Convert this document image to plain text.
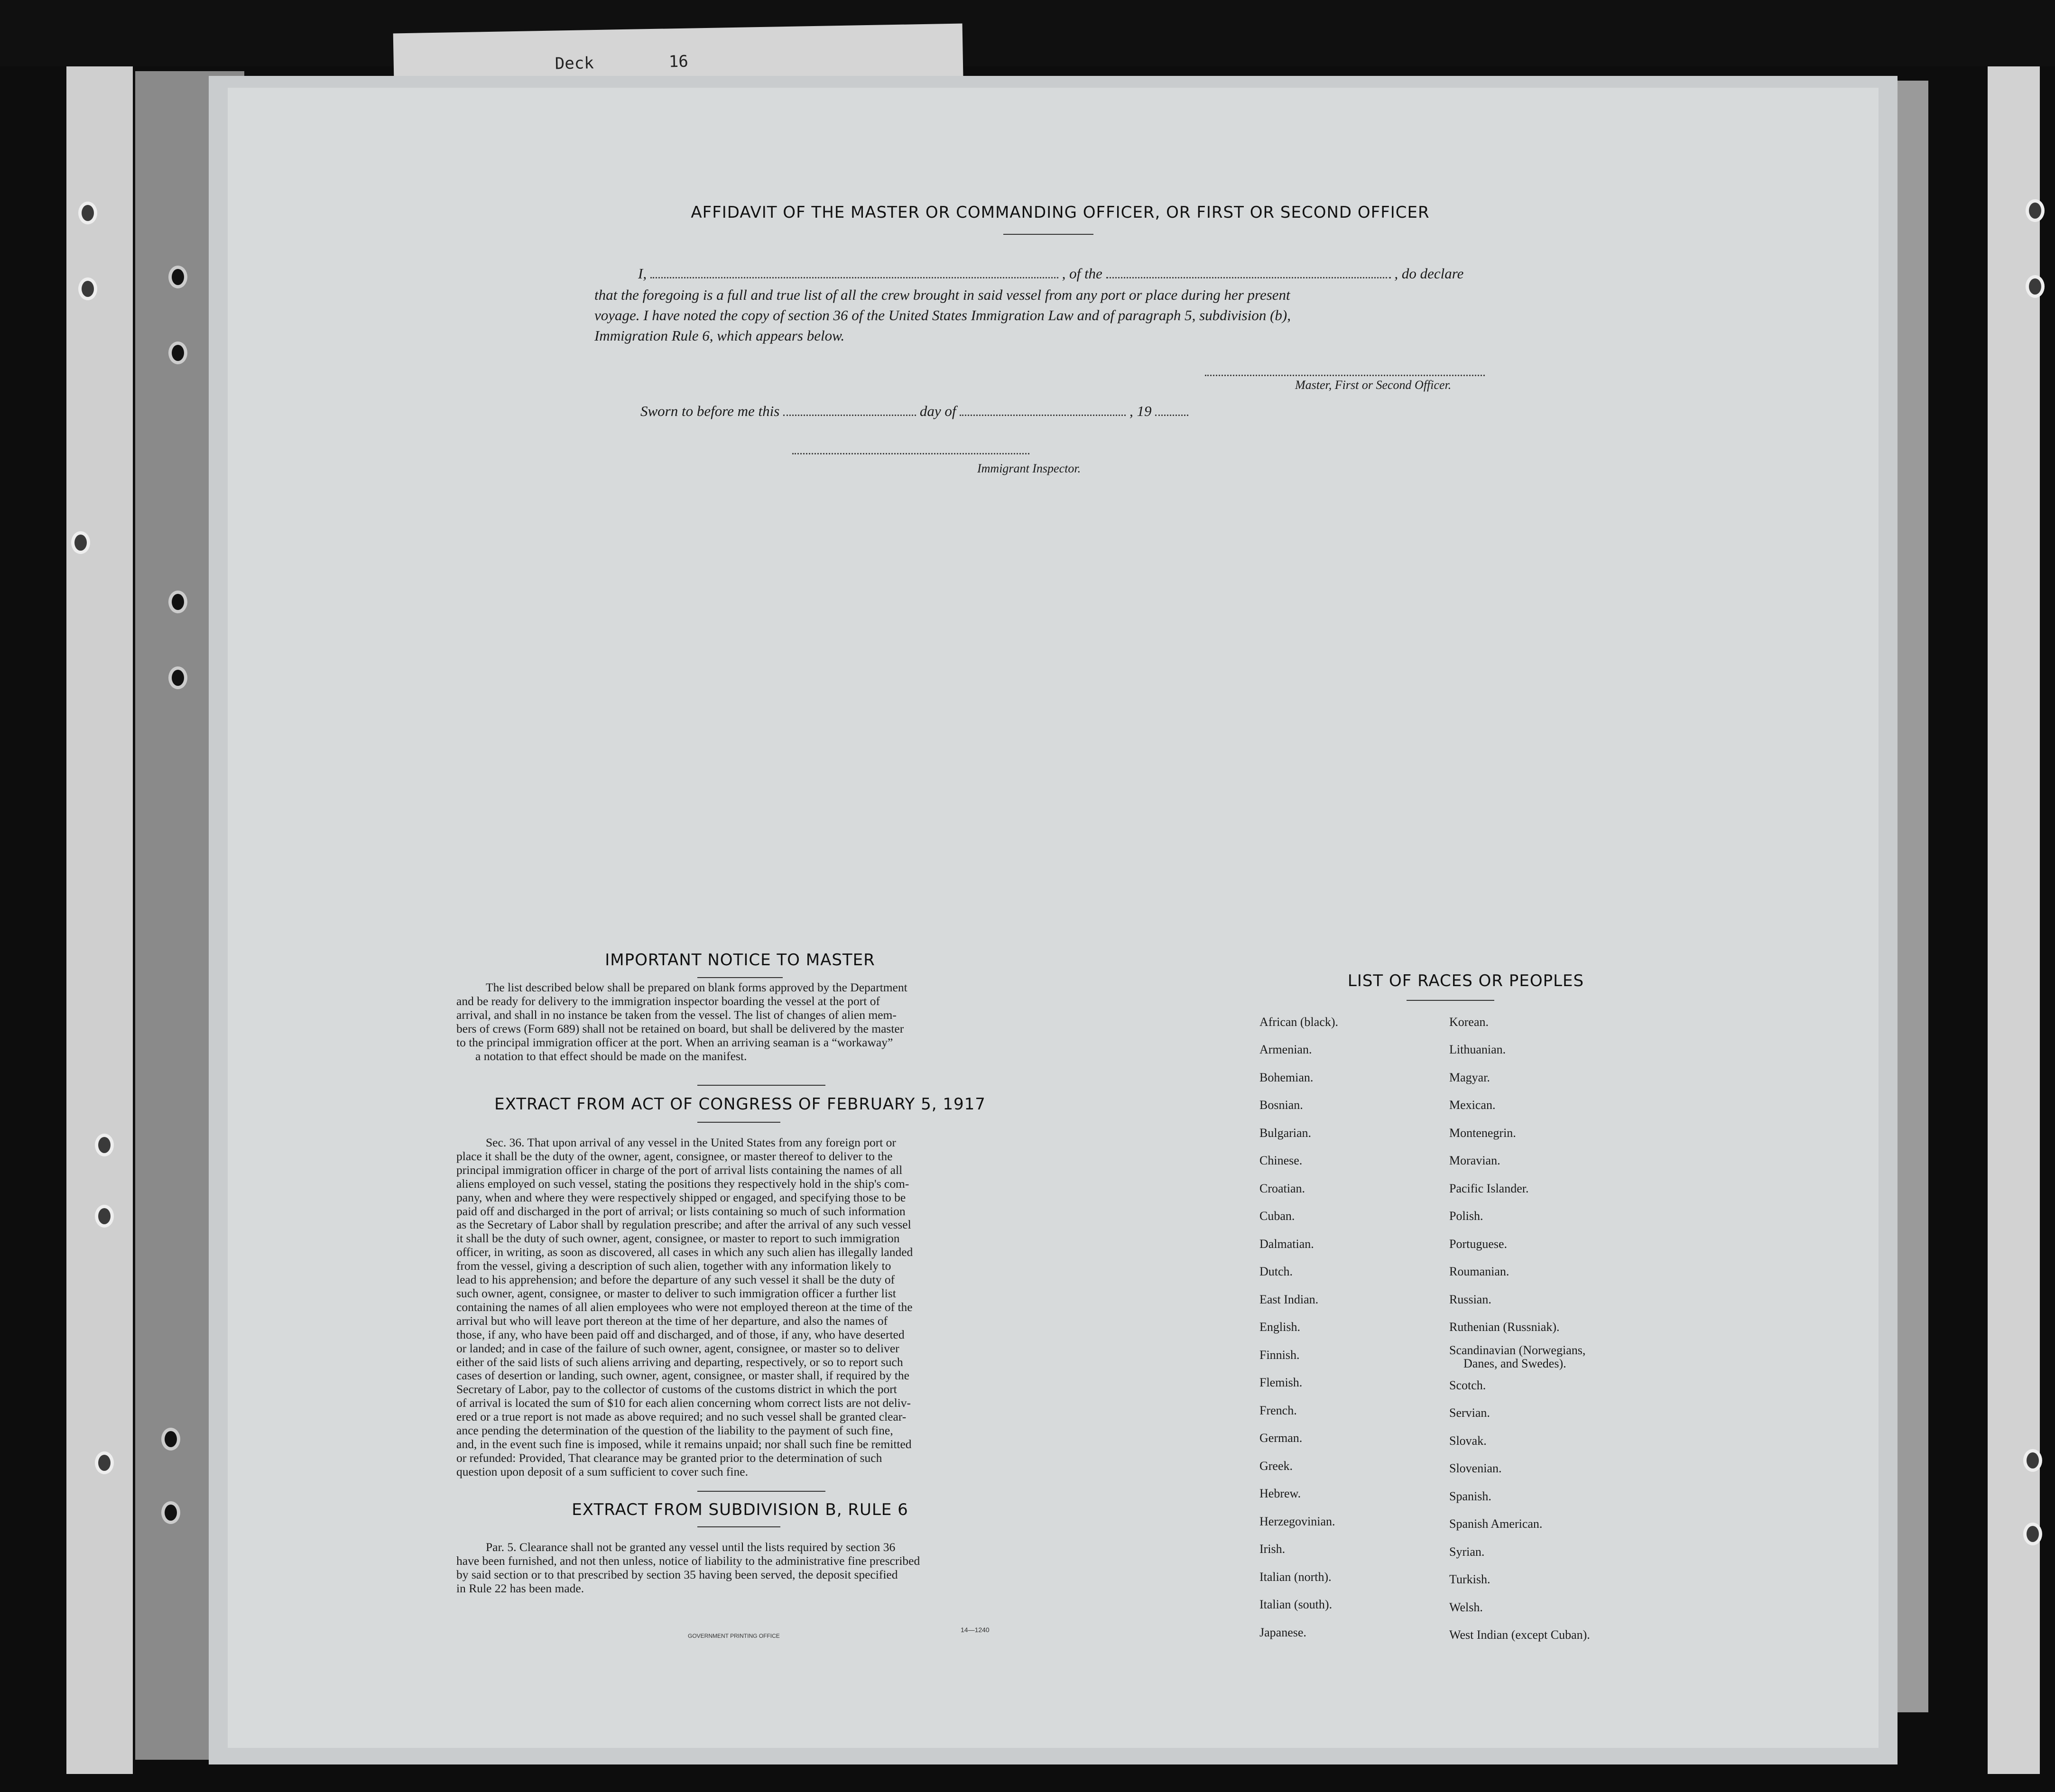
Deck	16
AFFIDAVIT OF THE MASTER OR COMMANDING OFFICER, OR FIRST OR SECOND OFFICER
I,	, of the	, do declare
that the foregoing is a full and true list of all the crew brought in said vessel from any port or place during her present
voyage. I have noted the copy of section 36 of the United States Immigration Law and of paragraph 5, subdivision (b),
Immigration Rule 6, which appears below.
Master, First or Second Officer.
Sworn to before me this	day of	, 19
Immigrant Inspector.
IMPORTANT NOTICE TO MASTER
The list described below shall be prepared on blank forms approved by the Department
and be ready for delivery to the immigration inspector boarding the vessel at the port of
arrival, and shall in no instance be taken from the vessel. The list of changes of alien mem-
bers of crews (Form 689) shall not be retained on board, but shall be delivered by the master
to the principal immigration officer at the port. When an arriving seaman is a “workaway”
a notation to that effect should be made on the manifest.
EXTRACT FROM ACT OF CONGRESS OF FEBRUARY 5, 1917
Sec. 36. That upon arrival of any vessel in the United States from any foreign port or
place it shall be the duty of the owner, agent, consignee, or master thereof to deliver to the
principal immigration officer in charge of the port of arrival lists containing the names of all
aliens employed on such vessel, stating the positions they respectively hold in the ship's com-
pany, when and where they were respectively shipped or engaged, and specifying those to be
paid off and discharged in the port of arrival; or lists containing so much of such information
as the Secretary of Labor shall by regulation prescribe; and after the arrival of any such vessel
it shall be the duty of such owner, agent, consignee, or master to report to such immigration
officer, in writing, as soon as discovered, all cases in which any such alien has illegally landed
from the vessel, giving a description of such alien, together with any information likely to
lead to his apprehension; and before the departure of any such vessel it shall be the duty of
such owner, agent, consignee, or master to deliver to such immigration officer a further list
containing the names of all alien employees who were not employed thereon at the time of the
arrival but who will leave port thereon at the time of her departure, and also the names of
those, if any, who have been paid off and discharged, and of those, if any, who have deserted
or landed; and in case of the failure of such owner, agent, consignee, or master so to deliver
either of the said lists of such aliens arriving and departing, respectively, or so to report such
cases of desertion or landing, such owner, agent, consignee, or master shall, if required by the
Secretary of Labor, pay to the collector of customs of the customs district in which the port
of arrival is located the sum of $10 for each alien concerning whom correct lists are not deliv-
ered or a true report is not made as above required; and no such vessel shall be granted clear-
ance pending the determination of the question of the liability to the payment of such fine,
and, in the event such fine is imposed, while it remains unpaid; nor shall such fine be remitted
or refunded: Provided, That clearance may be granted prior to the determination of such
question upon deposit of a sum sufficient to cover such fine.
EXTRACT FROM SUBDIVISION B, RULE 6
Par. 5. Clearance shall not be granted any vessel until the lists required by section 36
have been furnished, and not then unless, notice of liability to the administrative fine prescribed
by said section or to that prescribed by section 35 having been served, the deposit specified
in Rule 22 has been made.
GOVERNMENT PRINTING OFFICE
14—1240
LIST OF RACES OR PEOPLES
African (black).
Armenian.
Bohemian.
Bosnian.
Bulgarian.
Chinese.
Croatian.
Cuban.
Dalmatian.
Dutch.
East Indian.
English.
Finnish.
Flemish.
French.
German.
Greek.
Hebrew.
Herzegovinian.
Irish.
Italian (north).
Italian (south).
Japanese.
Korean.
Lithuanian.
Magyar.
Mexican.
Montenegrin.
Moravian.
Pacific Islander.
Polish.
Portuguese.
Roumanian.
Russian.
Ruthenian (Russniak).
Scandinavian (Norwegians,
Danes, and Swedes).
Scotch.
Servian.
Slovak.
Slovenian.
Spanish.
Spanish American.
Syrian.
Turkish.
Welsh.
West Indian (except Cuban).
